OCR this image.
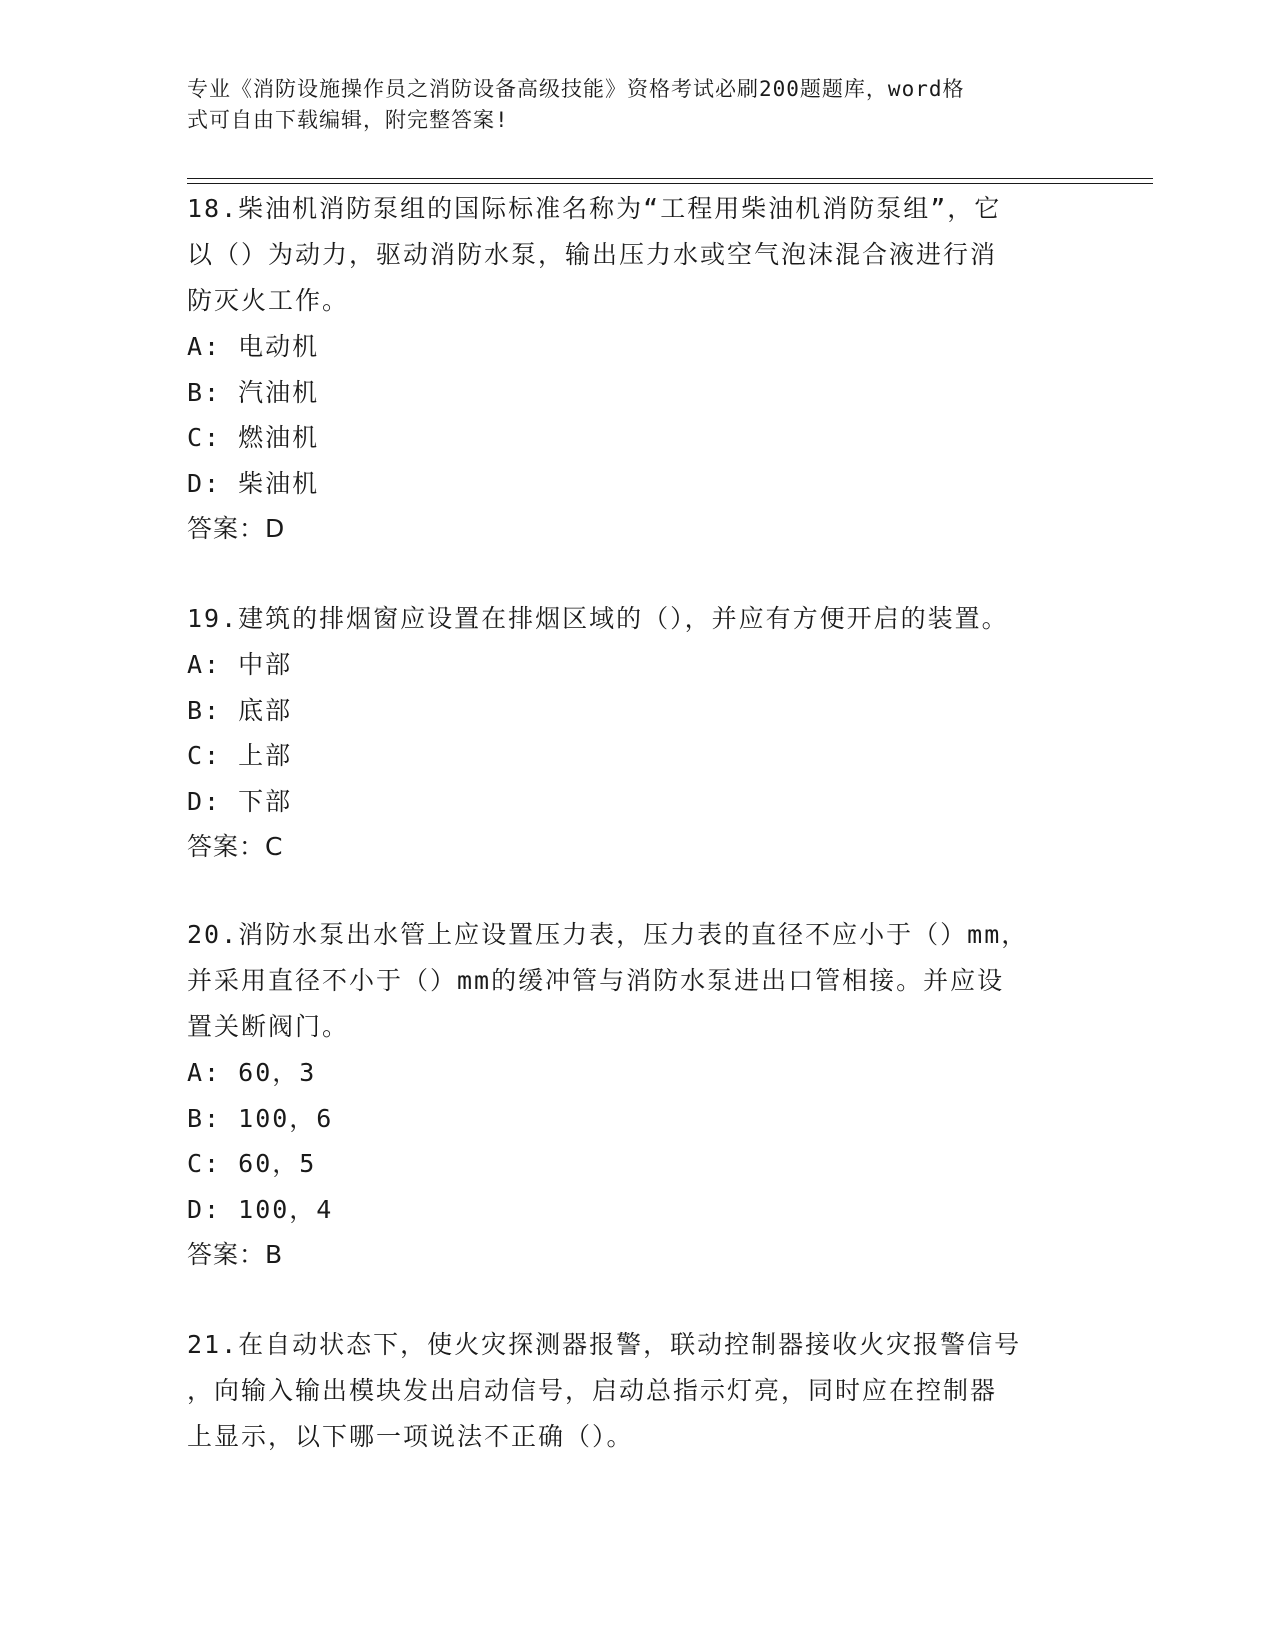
专业《消防设施操作员之消防设备高级技能》资格考试必刷200题题库，word格
式可自由下载编辑，附完整答案!

18.柴油机消防泵组的国际标准名称为“工程用柴油机消防泵组”，它

以（）为动力，驱动消防水泵，输出压力水或空气泡沫混合液进行消

防灭火工作。

A: 电动机

B: 汽油机

C: 燃油机

D: 柴油机

答案：D

19.建筑的排烟窗应设置在排烟区域的（），并应有方便开启的装置。

A: 中部

B: 底部

C: 上部

D: 下部

答案：C

20.消防水泵出水管上应设置压力表，压力表的直径不应小于（）mm，

并采用直径不小于（）mm的缓冲管与消防水泵进出口管相接。并应设

置关断阀门。

A: 60，3

B: 100，6

C: 60，5

D: 100，4

答案：B

21.在自动状态下，使火灾探测器报警，联动控制器接收火灾报警信号

，向输入输出模块发出启动信号，启动总指示灯亮，同时应在控制器

上显示，以下哪一项说法不正确（）。
